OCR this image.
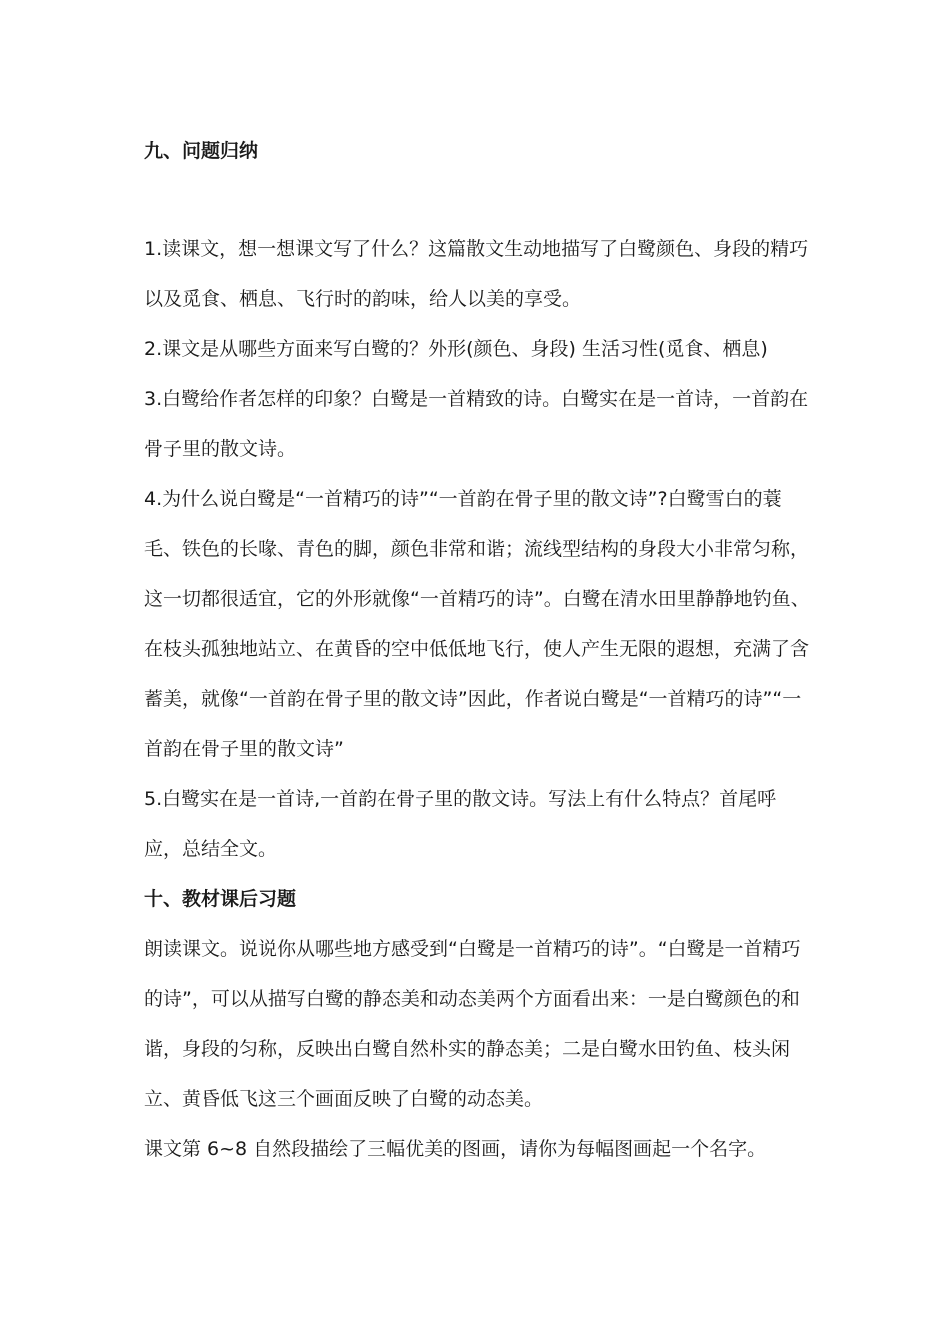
九、问题归纳

1.读课文，想一想课文写了什么？这篇散文生动地描写了白鹭颜色、身段的精巧以及觅食、栖息、飞行时的韵味，给人以美的享受。

2.课文是从哪些方面来写白鹭的？外形(颜色、身段) 生活习性(觅食、栖息)

3.白鹭给作者怎样的印象？白鹭是一首精致的诗。白鹭实在是一首诗，一首韵在骨子里的散文诗。

4.为什么说白鹭是“一首精巧的诗”“一首韵在骨子里的散文诗”?白鹭雪白的蓑毛、铁色的长喙、青色的脚，颜色非常和谐；流线型结构的身段大小非常匀称，这一切都很适宜，它的外形就像“一首精巧的诗”。白鹭在清水田里静静地钓鱼、在枝头孤独地站立、在黄昏的空中低低地飞行，使人产生无限的遐想，充满了含蓄美，就像“一首韵在骨子里的散文诗”因此，作者说白鹭是“一首精巧的诗”“一首韵在骨子里的散文诗”

5.白鹭实在是一首诗,一首韵在骨子里的散文诗。写法上有什么特点？首尾呼应，总结全文。

十、教材课后习题

朗读课文。说说你从哪些地方感受到“白鹭是一首精巧的诗”。“白鹭是一首精巧的诗”，可以从描写白鹭的静态美和动态美两个方面看出来：一是白鹭颜色的和谐，身段的匀称，反映出白鹭自然朴实的静态美；二是白鹭水田钓鱼、枝头闲立、黄昏低飞这三个画面反映了白鹭的动态美。

课文第 6~8 自然段描绘了三幅优美的图画，请你为每幅图画起一个名字。
